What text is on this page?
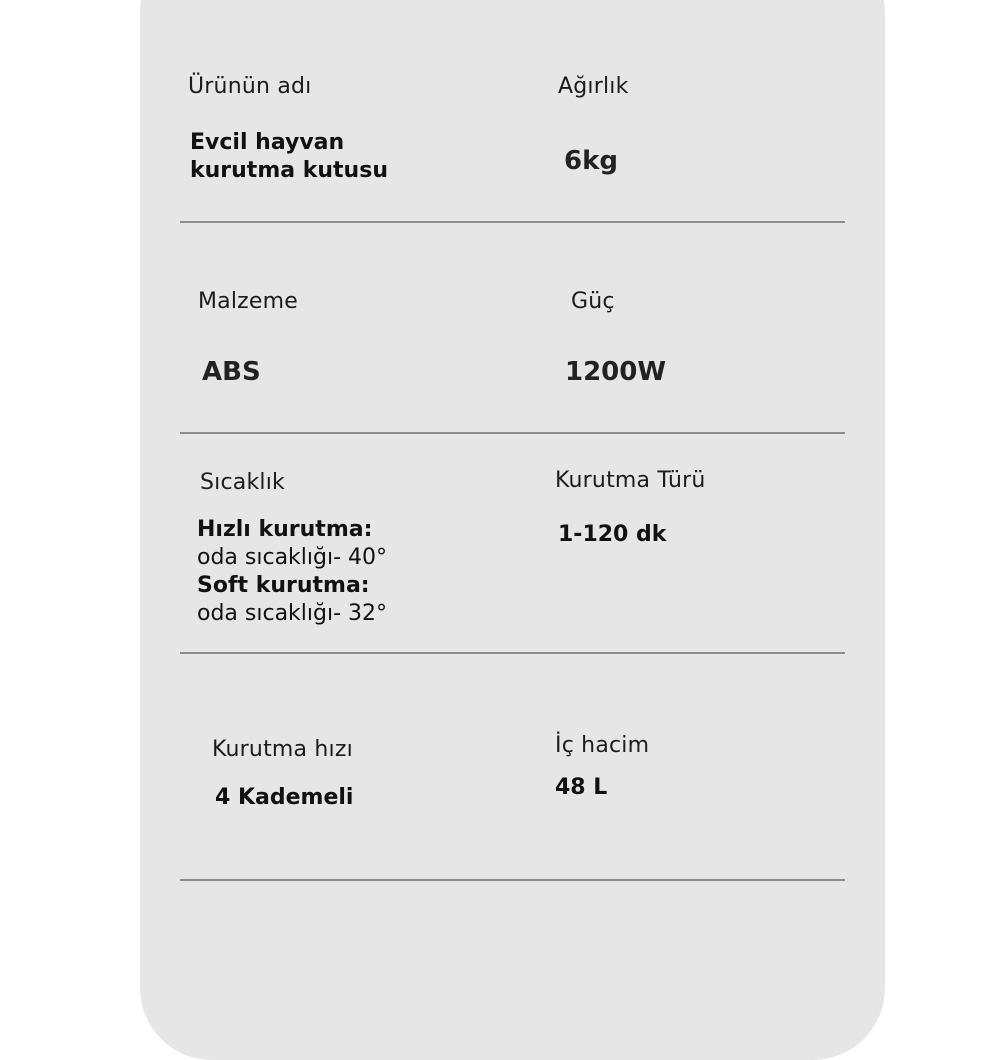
Ürünün adı
Evcil hayvan
kurutma kutusu
Ağırlık
6kg
Malzeme
ABS
Güç
1200W
Sıcaklık
Hızlı kurutma:
oda sıcaklığı- 40°
Soft kurutma:
oda sıcaklığı- 32°
Kurutma Türü
1-120 dk
Kurutma hızı
4 Kademeli
İç hacim
48 L
